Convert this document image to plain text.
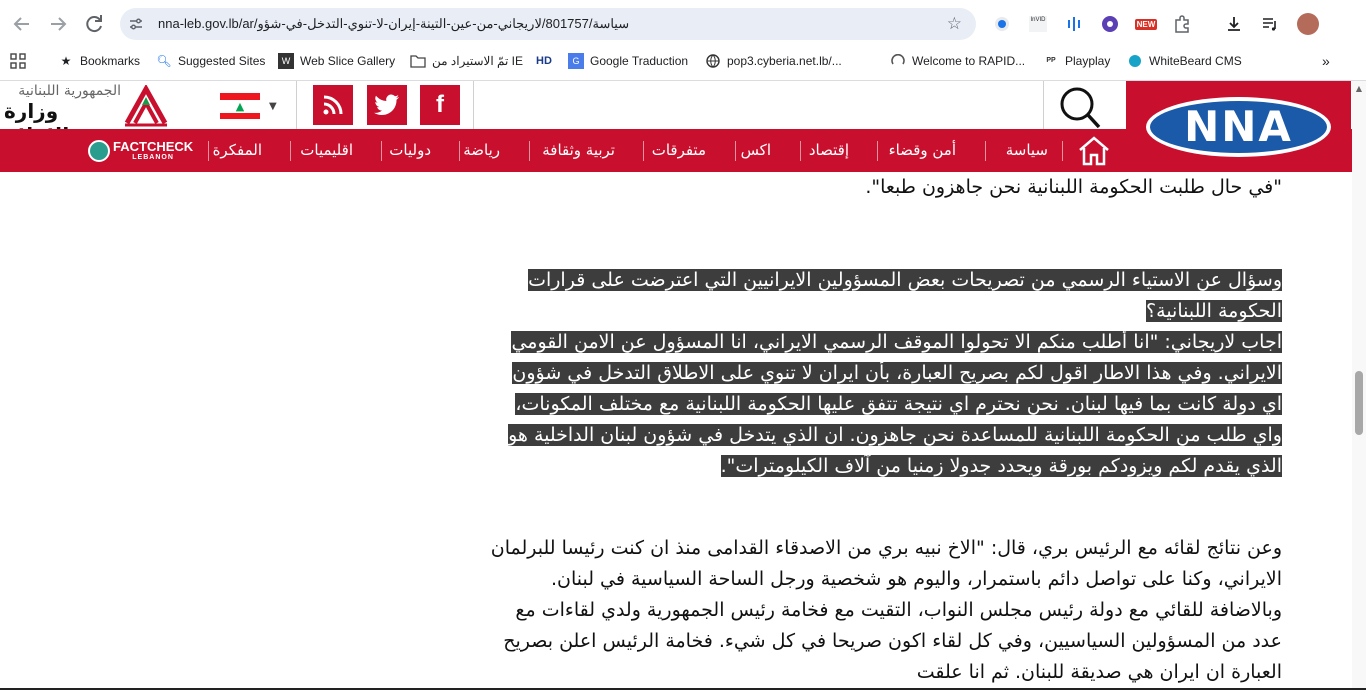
nna-leb.gov.lb/ar/سياسة/801757/لاريجاني-من-عين-التينة-إيران-لا-تنوي-التدخل-في-شؤو	☆	InVID	NEW
★ Bookmarks 🔍︎ Suggested Sites	W Web Slice Gallery	تمّ الاستيراد من IE HD	G Google Traduction	pop3.cyberia.net.lb/...	Welcome to RAPID...	PP Playplay	WhiteBeard CMS	»
الجمهورية اللبنانية
وزارة	▲	▼	f	NNA
سياسة
أمن وقضاء
إقتصاد
اكس
متفرقات
تربية وثقافة
رياضة
دوليات
اقليميات
المفكرة
FACTCHECK
LEBANON
"في حال طلبت الحكومة اللبنانية نحن جاهزون طبعا".
وسؤال عن الاستياء الرسمي من تصريحات بعض المسؤولين الايرانيين التي اعترضت على قرارات الحكومة اللبنانية؟
اجاب لاريجاني: "انا أطلب منكم الا تحولوا الموقف الرسمي الايراني، انا المسؤول عن الامن القومي الايراني. وفي هذا الاطار اقول لكم بصريح العبارة، بأن ايران لا تنوي على الاطلاق التدخل في شؤون اي دولة كانت بما فيها لبنان. نحن نحترم اي نتيجة تتفق عليها الحكومة اللبنانية مع مختلف المكونات، واي طلب من الحكومة اللبنانية للمساعدة نحن جاهزون. ان الذي يتدخل في شؤون لبنان الداخلية هو الذي يقدم لكم ويزودكم بورقة ويحدد جدولا زمنيا من آلاف الكيلومترات".
وعن نتائج لقائه مع الرئيس بري، قال: "الاخ نبيه بري من الاصدقاء القدامى منذ ان كنت رئيسا للبرلمان الايراني، وكنا على تواصل دائم باستمرار، واليوم هو شخصية ورجل الساحة السياسية في لبنان. وبالاضافة للقائي مع دولة رئيس مجلس النواب، التقيت مع فخامة رئيس الجمهورية ولدي لقاءات مع عدد من المسؤولين السياسيين، وفي كل لقاء اكون صريحا في كل شيء. فخامة الرئيس اعلن بصريح العبارة ان ايران هي صديقة للبنان. ثم انا علقت
▲
